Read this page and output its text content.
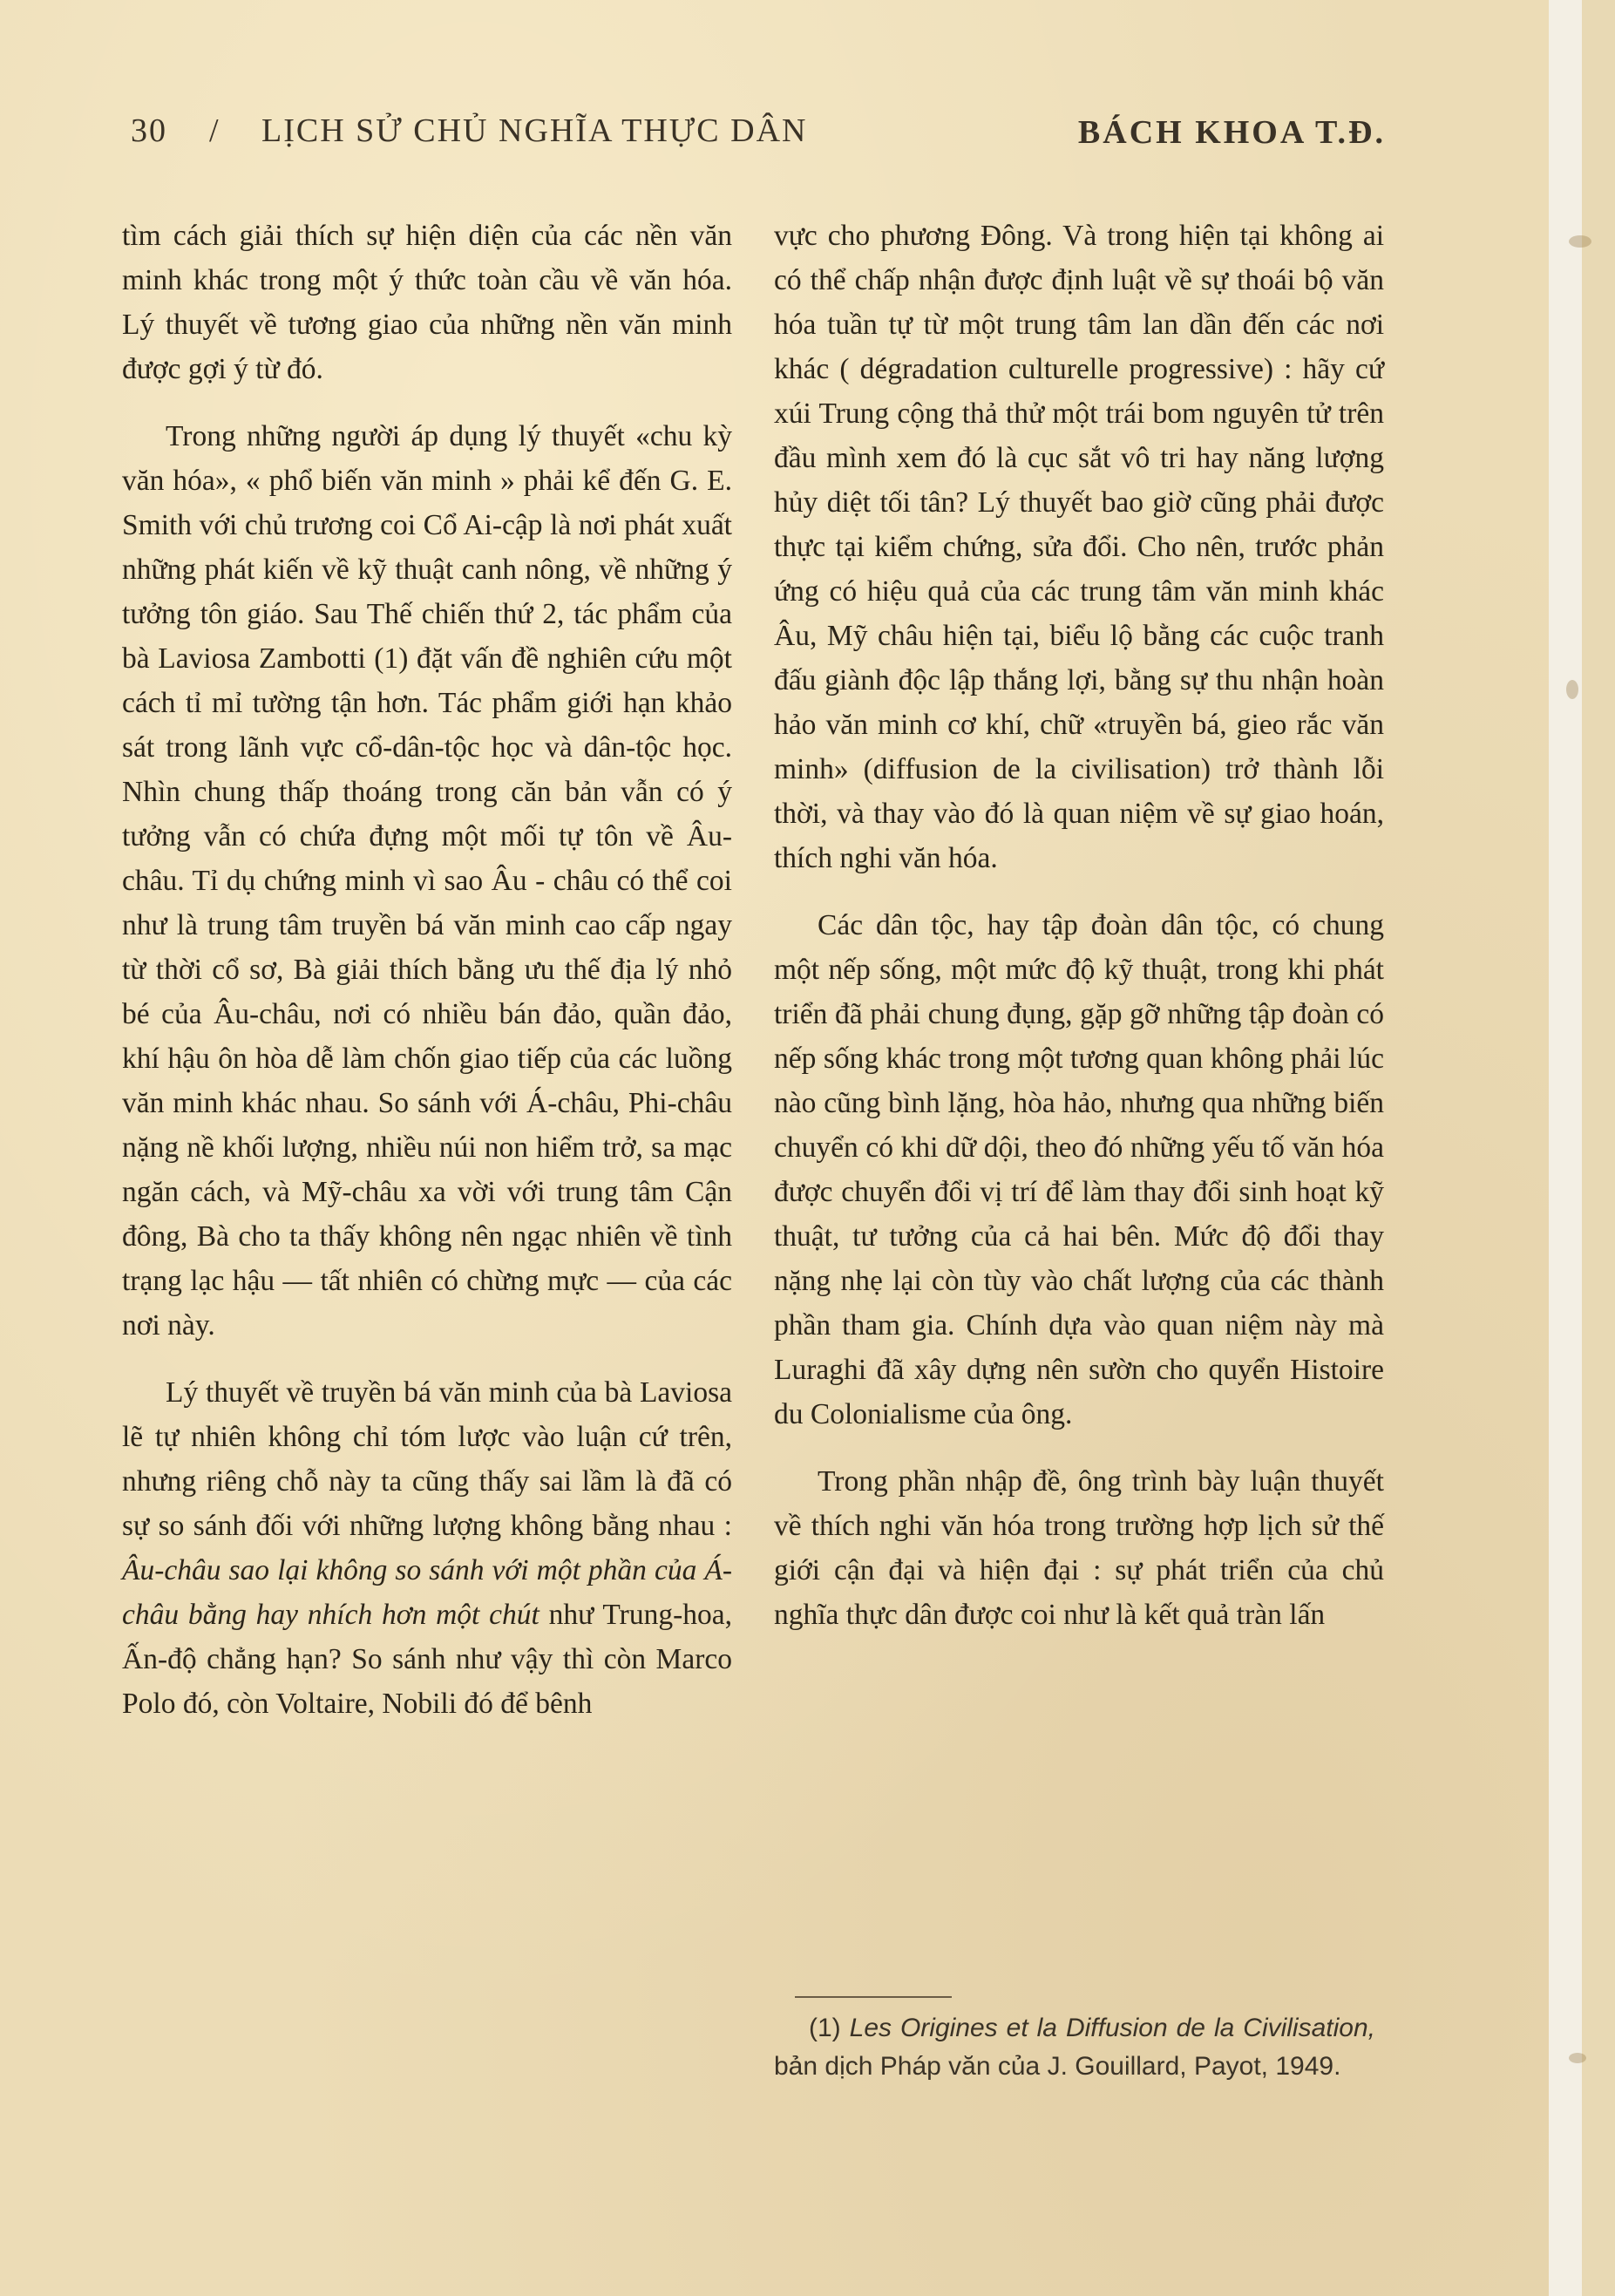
30 / LỊCH SỬ CHỦ NGHĨA THỰC DÂN	BÁCH KHOA T.Đ.

tìm cách giải thích sự hiện diện của các nền văn minh khác trong một ý thức toàn cầu về văn hóa. Lý thuyết về tương giao của những nền văn minh được gợi ý từ đó.

Trong những người áp dụng lý thuyết «chu kỳ văn hóa», « phổ biến văn minh » phải kể đến G. E. Smith với chủ trương coi Cổ Ai-cập là nơi phát xuất những phát kiến về kỹ thuật canh nông, về những ý tưởng tôn giáo. Sau Thế chiến thứ 2, tác phẩm của bà Laviosa Zambotti (1) đặt vấn đề nghiên cứu một cách tỉ mỉ tường tận hơn. Tác phẩm giới hạn khảo sát trong lãnh vực cổ-dân-tộc học và dân-tộc học. Nhìn chung thấp thoáng trong căn bản vẫn có ý tưởng vẫn có chứa đựng một mối tự tôn về Âu-châu. Tỉ dụ chứng minh vì sao Âu - châu có thể coi như là trung tâm truyền bá văn minh cao cấp ngay từ thời cổ sơ, Bà giải thích bằng ưu thế địa lý nhỏ bé của Âu-châu, nơi có nhiều bán đảo, quần đảo, khí hậu ôn hòa dễ làm chốn giao tiếp của các luồng văn minh khác nhau. So sánh với Á-châu, Phi-châu nặng nề khối lượng, nhiều núi non hiểm trở, sa mạc ngăn cách, và Mỹ-châu xa vời với trung tâm Cận đông, Bà cho ta thấy không nên ngạc nhiên về tình trạng lạc hậu — tất nhiên có chừng mực — của các nơi này.

Lý thuyết về truyền bá văn minh của bà Laviosa lẽ tự nhiên không chỉ tóm lược vào luận cứ trên, nhưng riêng chỗ này ta cũng thấy sai lầm là đã có sự so sánh đối với những lượng không bằng nhau : Âu-châu sao lại không so sánh với một phần của Á-châu bằng hay nhích hơn một chút như Trung-hoa, Ấn-độ chẳng hạn? So sánh như vậy thì còn Marco Polo đó, còn Voltaire, Nobili đó để bênh

vực cho phương Đông. Và trong hiện tại không ai có thể chấp nhận được định luật về sự thoái bộ văn hóa tuần tự từ một trung tâm lan dần đến các nơi khác ( dégradation culturelle progressive) : hãy cứ xúi Trung cộng thả thử một trái bom nguyên tử trên đầu mình xem đó là cục sắt vô tri hay năng lượng hủy diệt tối tân? Lý thuyết bao giờ cũng phải được thực tại kiểm chứng, sửa đổi. Cho nên, trước phản ứng có hiệu quả của các trung tâm văn minh khác Âu, Mỹ châu hiện tại, biểu lộ bằng các cuộc tranh đấu giành độc lập thắng lợi, bằng sự thu nhận hoàn hảo văn minh cơ khí, chữ «truyền bá, gieo rắc văn minh» (diffusion de la civilisation) trở thành lỗi thời, và thay vào đó là quan niệm về sự giao hoán, thích nghi văn hóa.

Các dân tộc, hay tập đoàn dân tộc, có chung một nếp sống, một mức độ kỹ thuật, trong khi phát triển đã phải chung đụng, gặp gỡ những tập đoàn có nếp sống khác trong một tương quan không phải lúc nào cũng bình lặng, hòa hảo, nhưng qua những biến chuyển có khi dữ dội, theo đó những yếu tố văn hóa được chuyển đổi vị trí để làm thay đổi sinh hoạt kỹ thuật, tư tưởng của cả hai bên. Mức độ đổi thay nặng nhẹ lại còn tùy vào chất lượng của các thành phần tham gia. Chính dựa vào quan niệm này mà Luraghi đã xây dựng nên sườn cho quyển Histoire du Colonialisme của ông.

Trong phần nhập đề, ông trình bày luận thuyết về thích nghi văn hóa trong trường hợp lịch sử thế giới cận đại và hiện đại : sự phát triển của chủ nghĩa thực dân được coi như là kết quả tràn lấn

(1) Les Origines et la Diffusion de la Civilisation, bản dịch Pháp văn của J. Gouillard, Payot, 1949.
